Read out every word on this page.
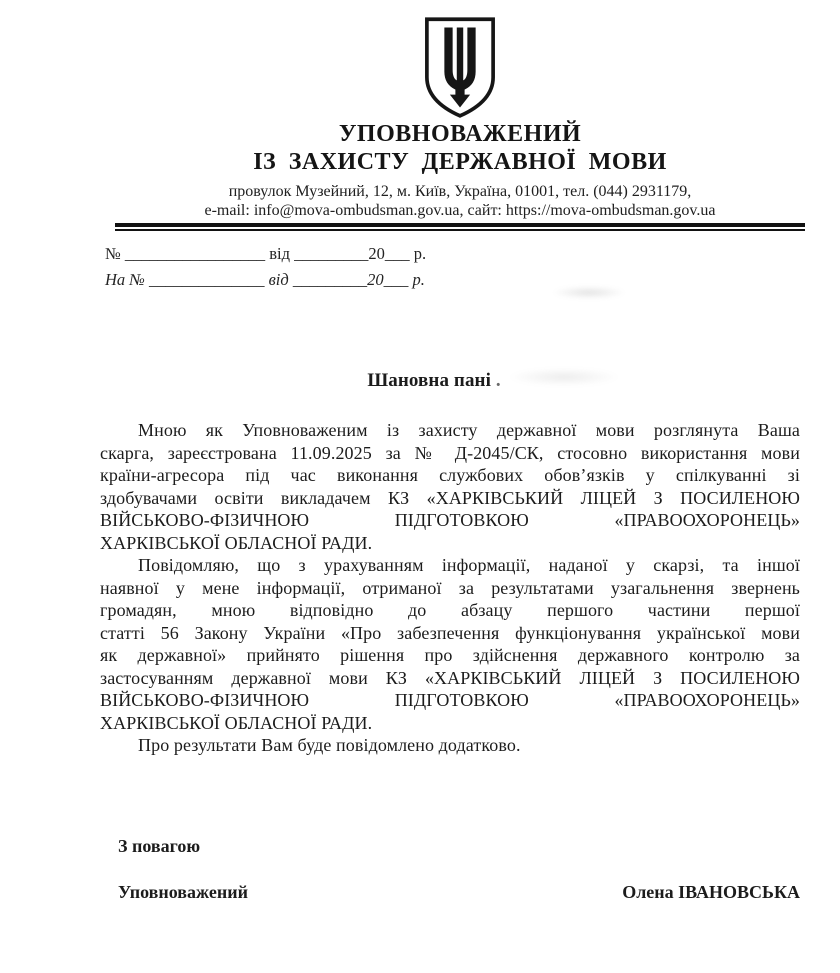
УПОВНОВАЖЕНИЙ
ІЗ ЗАХИСТУ ДЕРЖАВНОЇ МОВИ
провулок Музейний, 12, м. Київ, Україна, 01001, тел. (044) 2931179,
e-mail: info@mova-ombudsman.gov.ua, сайт: https://mova-ombudsman.gov.ua
№ _________________ від _________20___ р.
На № ______________ від _________20___ р.
Шановна пані .
Мною як Уповноваженим із захисту державної мови розглянута Ваша
скарга, зареєстрована 11.09.2025 за № Д-2045/СК, стосовно використання мови
країни-агресора під час виконання службових обов’язків у спілкуванні зі
здобувачами освіти викладачем КЗ «ХАРКІВСЬКИЙ ЛІЦЕЙ З ПОСИЛЕНОЮ
ВІЙСЬКОВО-ФІЗИЧНОЮ ПІДГОТОВКОЮ «ПРАВООХОРОНЕЦЬ»
ХАРКІВСЬКОЇ ОБЛАСНОЇ РАДИ.
Повідомляю, що з урахуванням інформації, наданої у скарзі, та іншої
наявної у мене інформації, отриманої за результатами узагальнення звернень
громадян, мною відповідно до абзацу першого частини першої
статті 56 Закону України «Про забезпечення функціонування української мови
як державної» прийнято рішення про здійснення державного контролю за
застосуванням державної мови КЗ «ХАРКІВСЬКИЙ ЛІЦЕЙ З ПОСИЛЕНОЮ
ВІЙСЬКОВО-ФІЗИЧНОЮ ПІДГОТОВКОЮ «ПРАВООХОРОНЕЦЬ»
ХАРКІВСЬКОЇ ОБЛАСНОЇ РАДИ.
Про результати Вам буде повідомлено додатково.
З повагою
Уповноважений	Олена ІВАНОВСЬКА
